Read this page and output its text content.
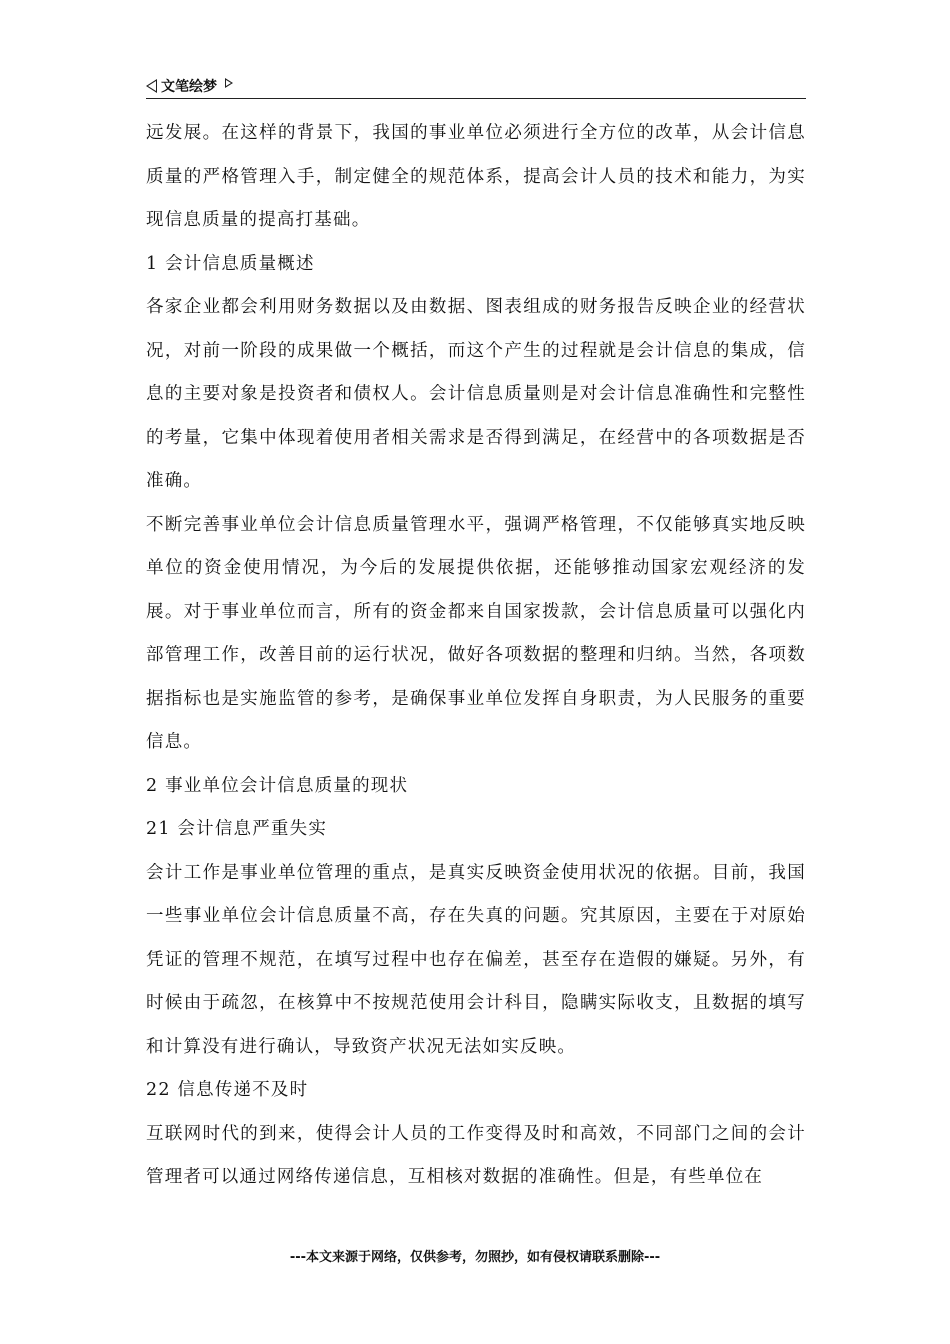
文笔绘梦

远发展。在这样的背景下，我国的事业单位必须进行全方位的改革，从会计信息质量的严格管理入手，制定健全的规范体系，提高会计人员的技术和能力，为实现信息质量的提高打基础。

1 会计信息质量概述

各家企业都会利用财务数据以及由数据、图表组成的财务报告反映企业的经营状况，对前一阶段的成果做一个概括，而这个产生的过程就是会计信息的集成，信息的主要对象是投资者和债权人。会计信息质量则是对会计信息准确性和完整性的考量，它集中体现着使用者相关需求是否得到满足，在经营中的各项数据是否准确。

不断完善事业单位会计信息质量管理水平，强调严格管理，不仅能够真实地反映单位的资金使用情况，为今后的发展提供依据，还能够推动国家宏观经济的发展。对于事业单位而言，所有的资金都来自国家拨款，会计信息质量可以强化内部管理工作，改善目前的运行状况，做好各项数据的整理和归纳。当然，各项数据指标也是实施监管的参考，是确保事业单位发挥自身职责，为人民服务的重要信息。

2 事业单位会计信息质量的现状

21 会计信息严重失实

会计工作是事业单位管理的重点，是真实反映资金使用状况的依据。目前，我国一些事业单位会计信息质量不高，存在失真的问题。究其原因，主要在于对原始凭证的管理不规范，在填写过程中也存在偏差，甚至存在造假的嫌疑。另外，有时候由于疏忽，在核算中不按规范使用会计科目，隐瞒实际收支，且数据的填写和计算没有进行确认，导致资产状况无法如实反映。

22 信息传递不及时

互联网时代的到来，使得会计人员的工作变得及时和高效，不同部门之间的会计管理者可以通过网络传递信息，互相核对数据的准确性。但是，有些单位在

---本文来源于网络，仅供参考，勿照抄，如有侵权请联系删除---
